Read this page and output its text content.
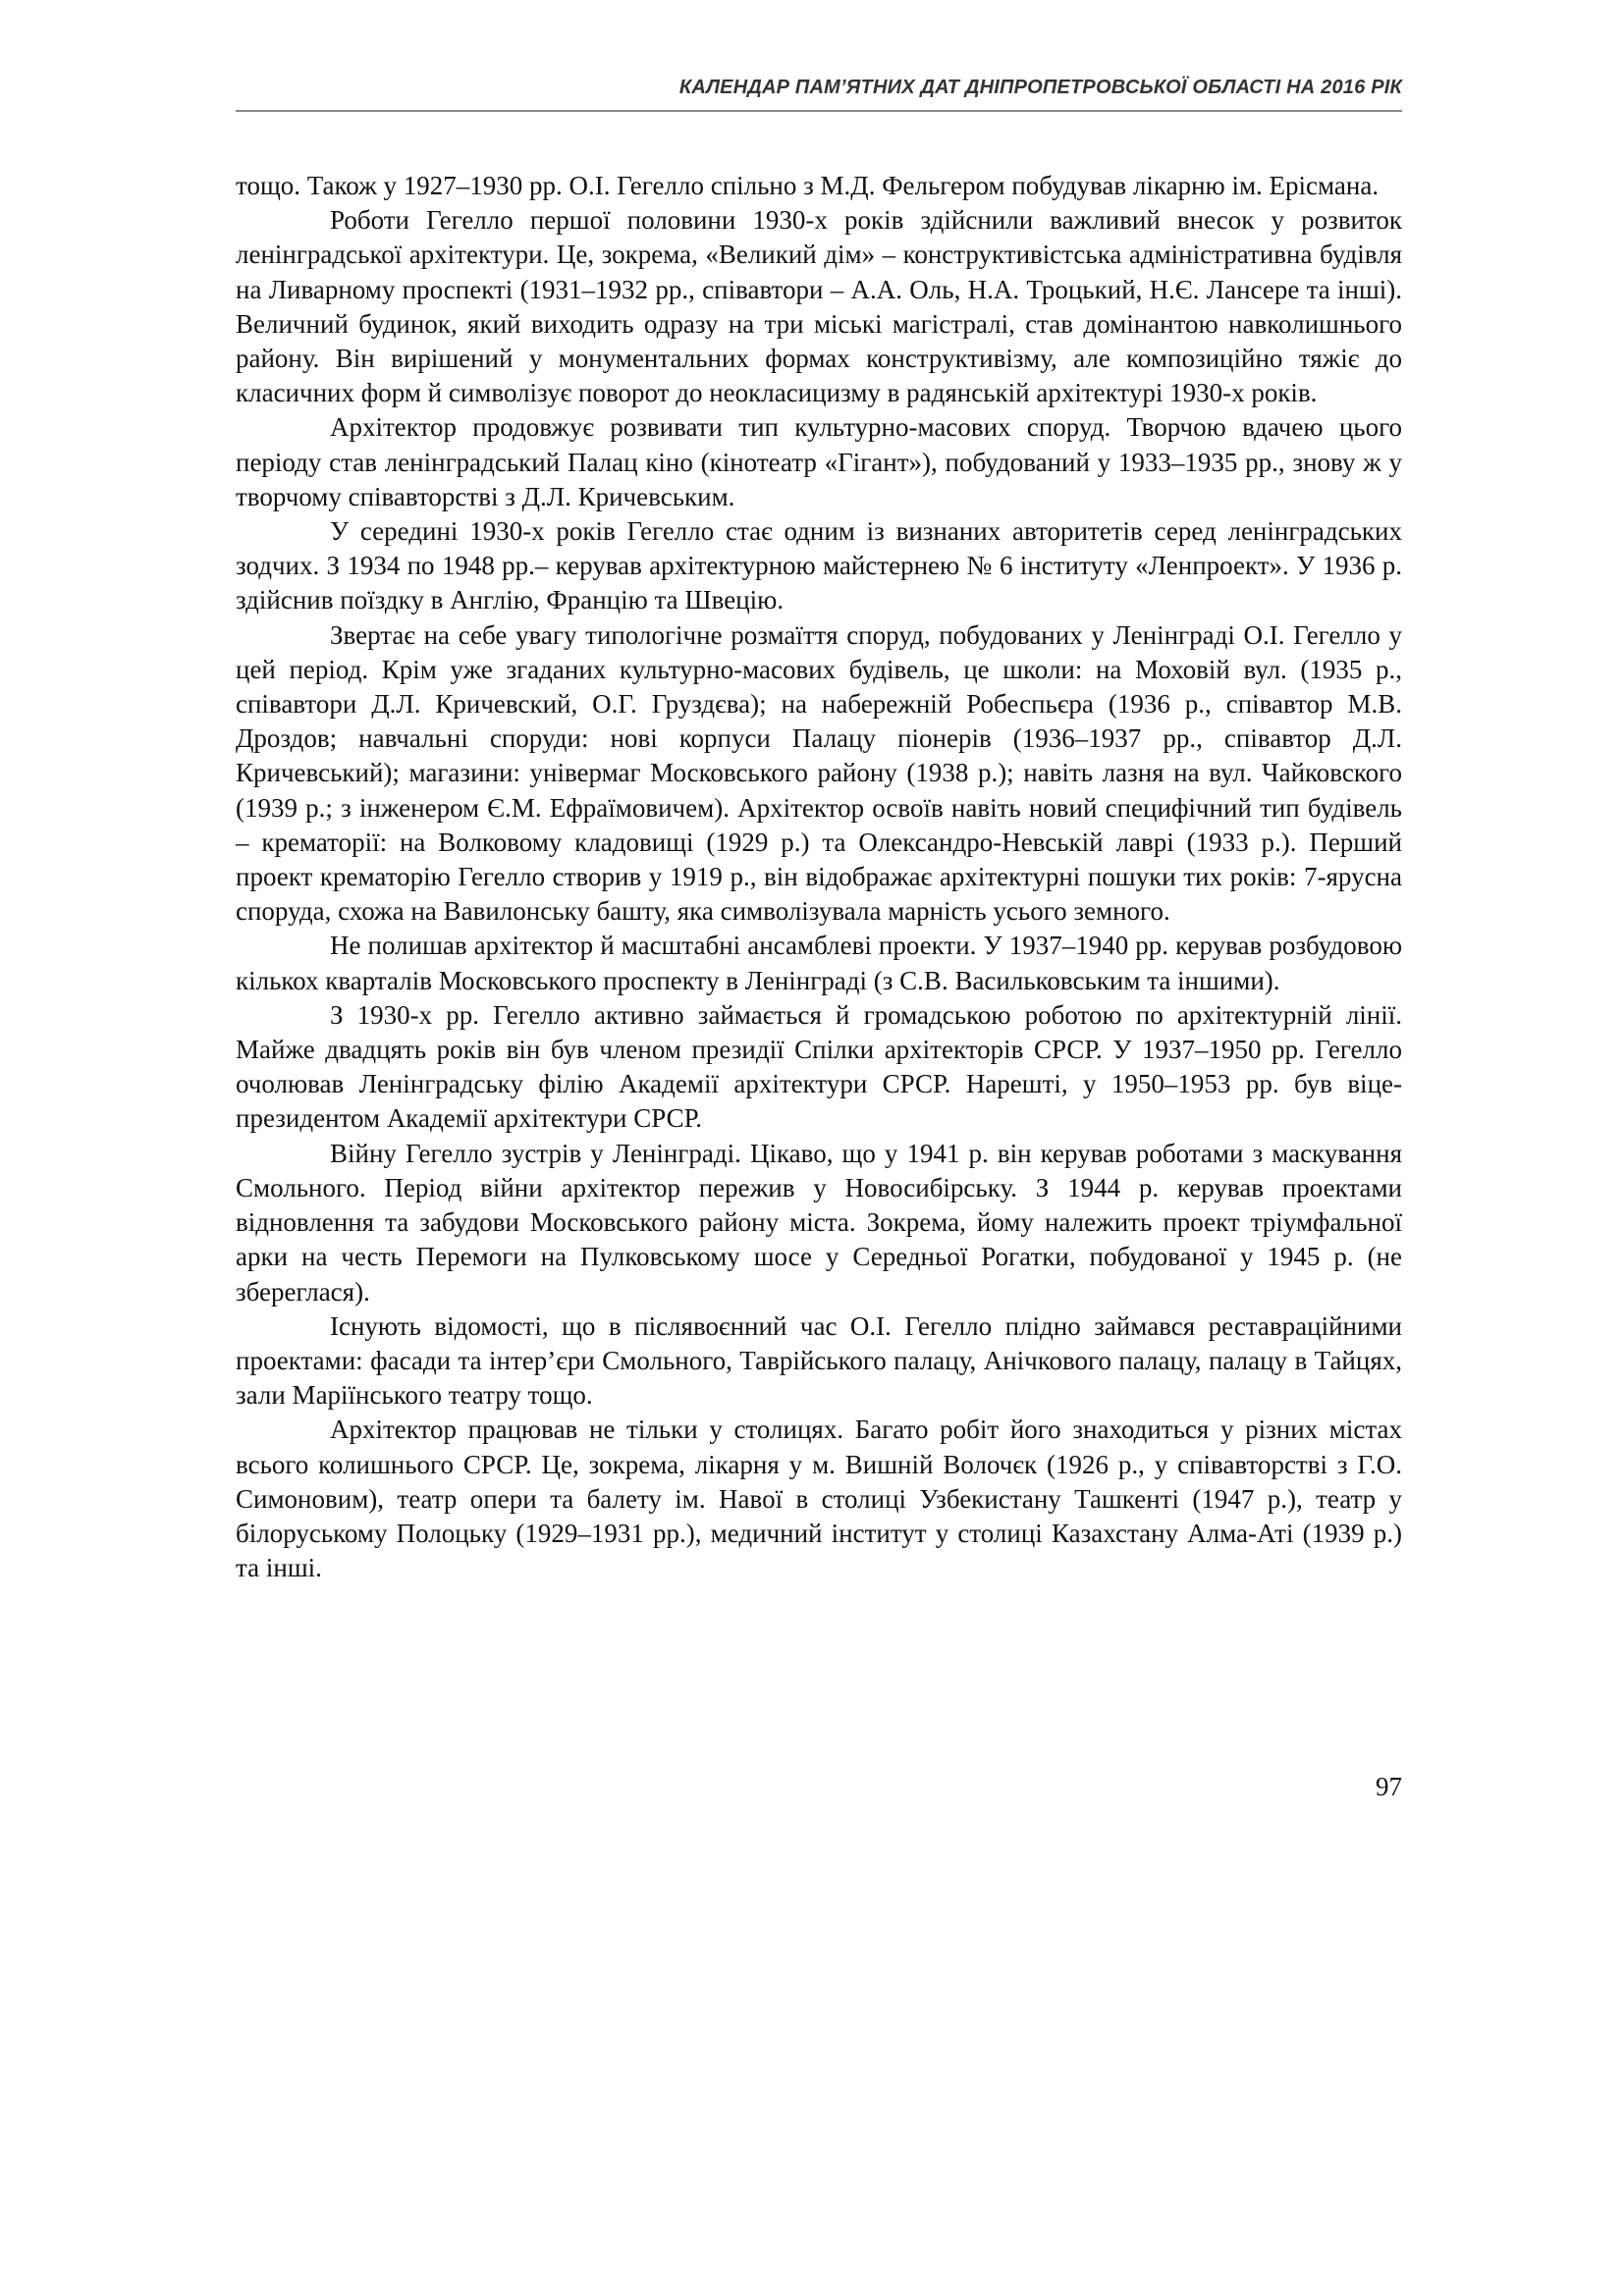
КАЛЕНДАР ПАМ’ЯТНИХ ДАТ ДНІПРОПЕТРОВСЬКОЇ ОБЛАСТІ НА 2016 РІК

тощо. Також у 1927–1930 рр. О.І. Гегелло спільно з М.Д. Фельгером побудував лікарню ім. Ерісмана.

Роботи Гегелло першої половини 1930-х років здійснили важливий внесок у розвиток ленінградської архітектури. Це, зокрема, «Великий дім» – конструктивістська адміністративна будівля на Ливарному проспекті (1931–1932 рр., співавтори – А.А. Оль, Н.А. Троцький, Н.Є. Лансере та інші). Величний будинок, який виходить одразу на три міські магістралі, став домінантою навколишнього району. Він вирішений у монументальних формах конструктивізму, але композиційно тяжіє до класичних форм й символізує поворот до неокласицизму в радянській архітектурі 1930-х років.

Архітектор продовжує розвивати тип культурно-масових споруд. Творчою вдачею цього періоду став ленінградський Палац кіно (кінотеатр «Гігант»), побудований у 1933–1935 рр., знову ж у творчому співавторстві з Д.Л. Кричевським.

У середині 1930-х років Гегелло стає одним із визнаних авторитетів серед ленінградських зодчих. З 1934 по 1948 рр.– керував архітектурною майстернею № 6 інституту «Ленпроект». У 1936 р. здійснив поїздку в Англію, Францію та Швецію.

Звертає на себе увагу типологічне розмаїття споруд, побудованих у Ленінграді О.І. Гегелло у цей період. Крім уже згаданих культурно-масових будівель, це школи: на Моховій вул. (1935 р., співавтори Д.Л. Кричевский, О.Г. Груздєва); на набережній Робеспьєра (1936 р., співавтор М.В. Дроздов; навчальні споруди: нові корпуси Палацу піонерів (1936–1937 рр., співавтор Д.Л. Кричевський); магазини: універмаг Московського району (1938 р.); навіть лазня на вул. Чайковского (1939 р.; з інженером Є.М. Ефраїмовичем). Архітектор освоїв навіть новий специфічний тип будівель – крематорії: на Волковому кладовищі (1929 р.) та Олександро-Невській лаврі (1933 р.). Перший проект крематорію Гегелло створив у 1919 р., він відображає архітектурні пошуки тих років: 7-ярусна споруда, схожа на Вавилонську башту, яка символізувала марність усього земного.

Не полишав архітектор й масштабні ансамблеві проекти. У 1937–1940 рр. керував розбудовою кількох кварталів Московського проспекту в Ленінграді (з С.В. Васильковським та іншими).

З 1930-х рр. Гегелло активно займається й громадською роботою по архітектурній лінії. Майже двадцять років він був членом президії Спілки архітекторів СРСР. У 1937–1950 рр. Гегелло очолював Ленінградську філію Академії архітектури СРСР. Нарешті, у 1950–1953 рр. був віце-президентом Академії архітектури СРСР.

Війну Гегелло зустрів у Ленінграді. Цікаво, що у 1941 р. він керував роботами з маскування Смольного. Період війни архітектор пережив у Новосибірську. З 1944 р. керував проектами відновлення та забудови Московського району міста. Зокрема, йому належить проект тріумфальної арки на честь Перемоги на Пулковському шосе у Середньої Рогатки, побудованої у 1945 р. (не збереглася).

Існують відомості, що в післявоєнний час О.І. Гегелло плідно займався реставраційними проектами: фасади та інтер’єри Смольного, Таврійського палацу, Анічкового палацу, палацу в Тайцях, зали Маріїнського театру тощо.

Архітектор працював не тільки у столицях. Багато робіт його знаходиться у різних містах всього колишнього СРСР. Це, зокрема, лікарня у м. Вишній Волочєк (1926 р., у співавторстві з Г.О. Симоновим), театр опери та балету ім. Навої в столиці Узбекистану Ташкенті (1947 р.), театр у білоруському Полоцьку (1929–1931 рр.), медичний інститут у столиці Казахстану Алма-Аті (1939 р.) та інші.

97
